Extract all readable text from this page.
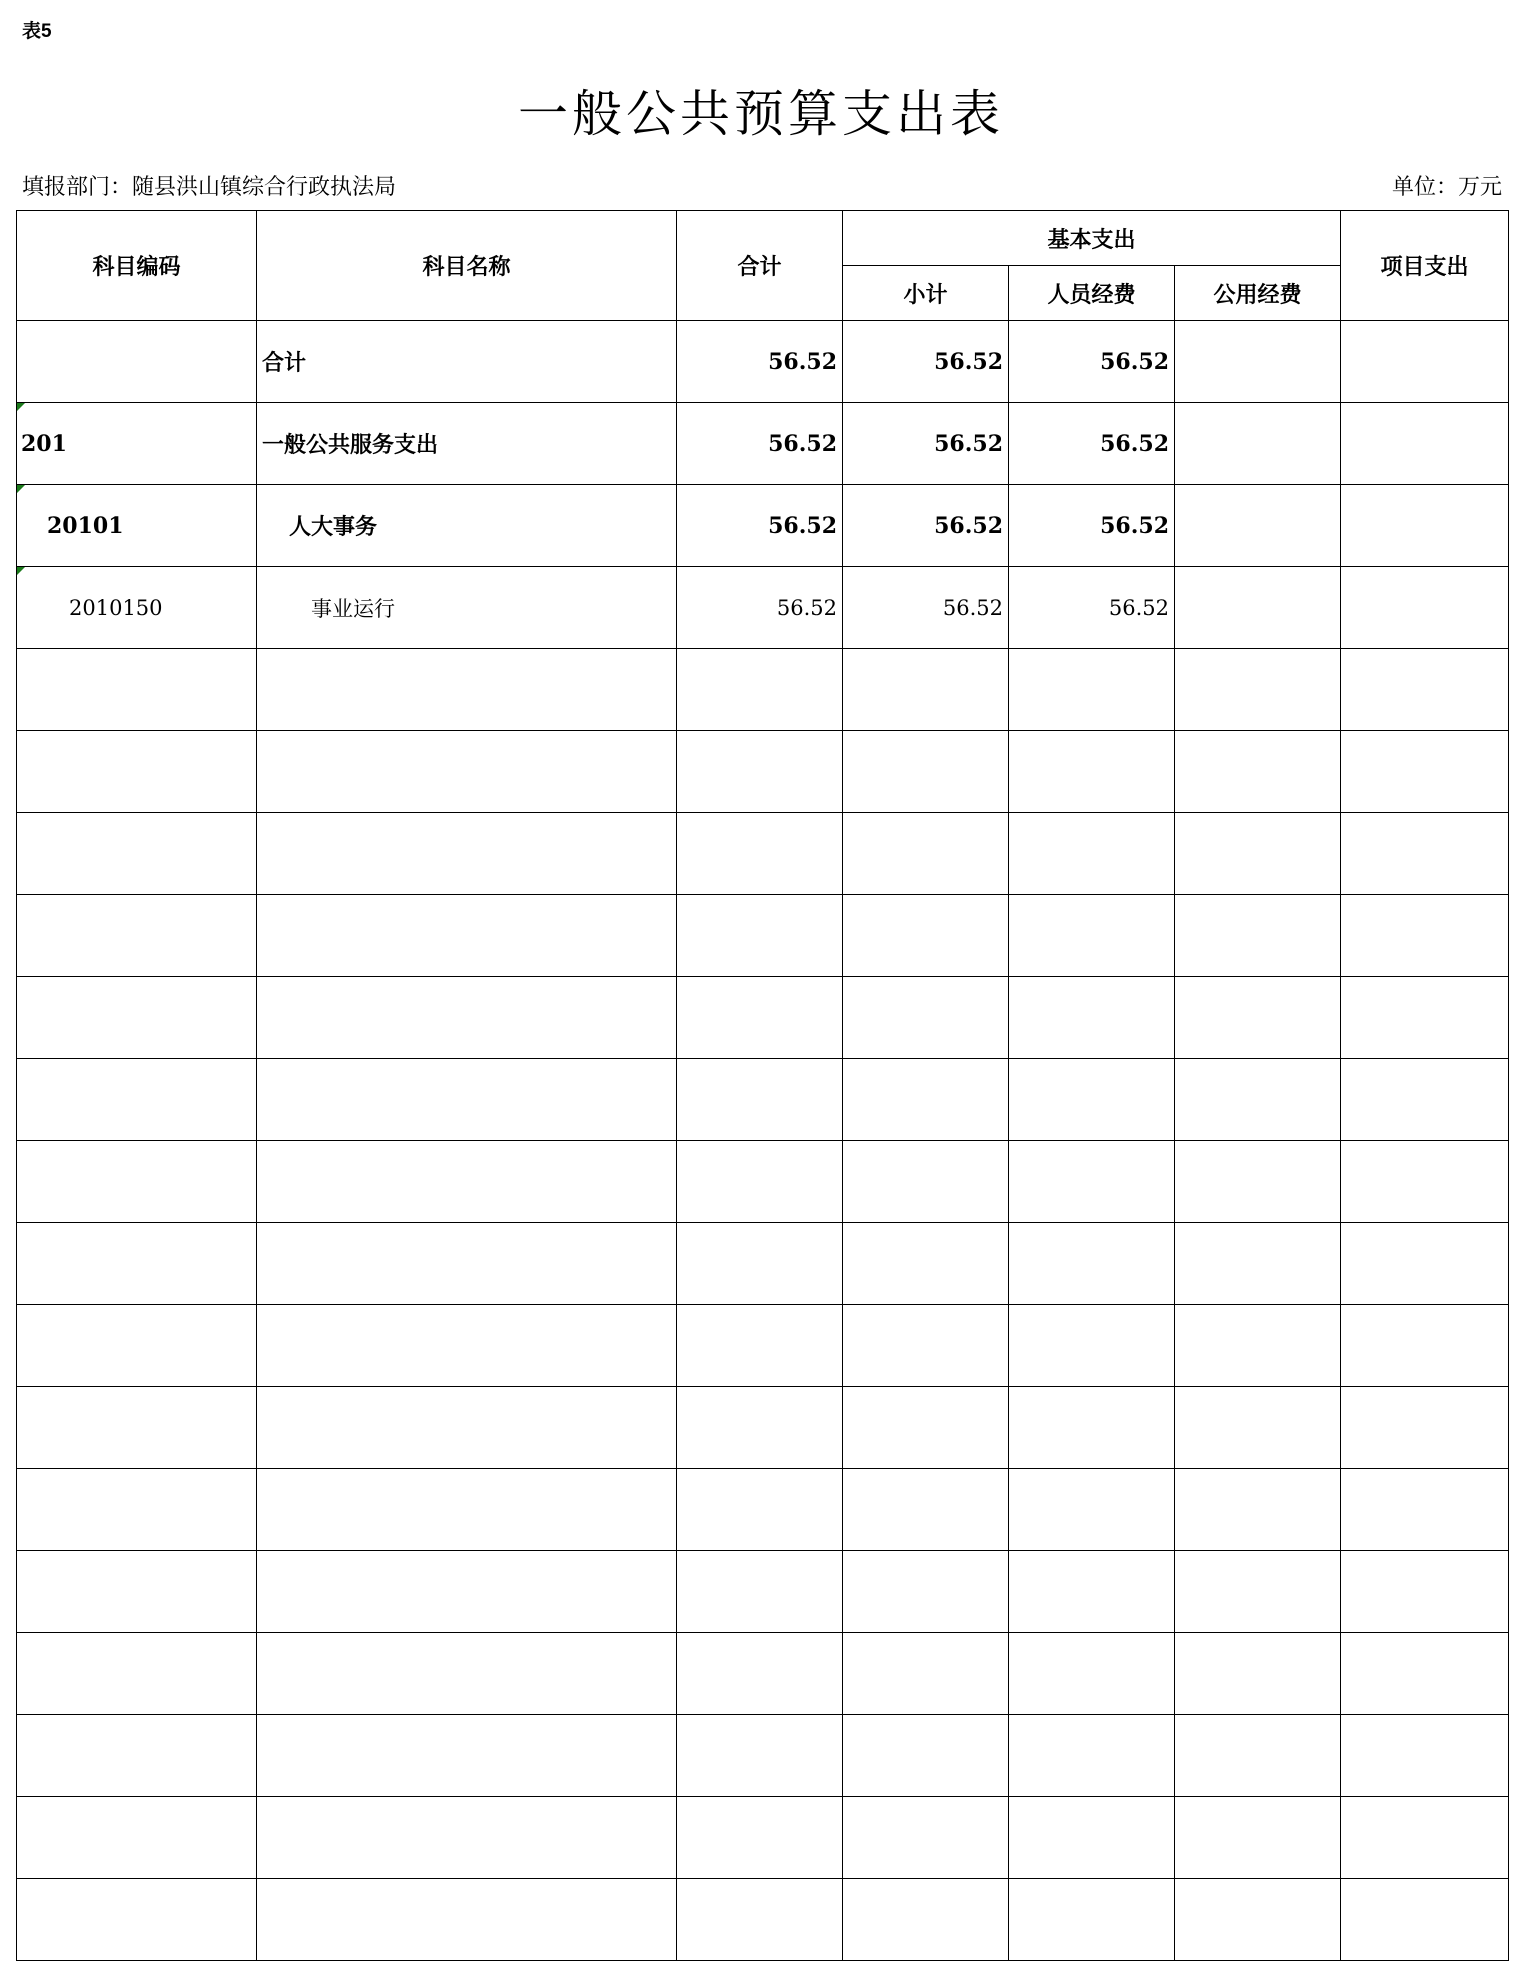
表5
一般公共预算支出表
填报部门：随县洪山镇综合行政执法局	单位：万元
科目编码	科目名称	合计	基本支出			项目支出
			小计	人员经费	公用经费	
	合计	56.52	56.52	56.52		

201	一般公共服务支出	56.52	56.52	56.52		

20101	人大事务	56.52	56.52	56.52		

2010150	事业运行	56.52	56.52	56.52		
